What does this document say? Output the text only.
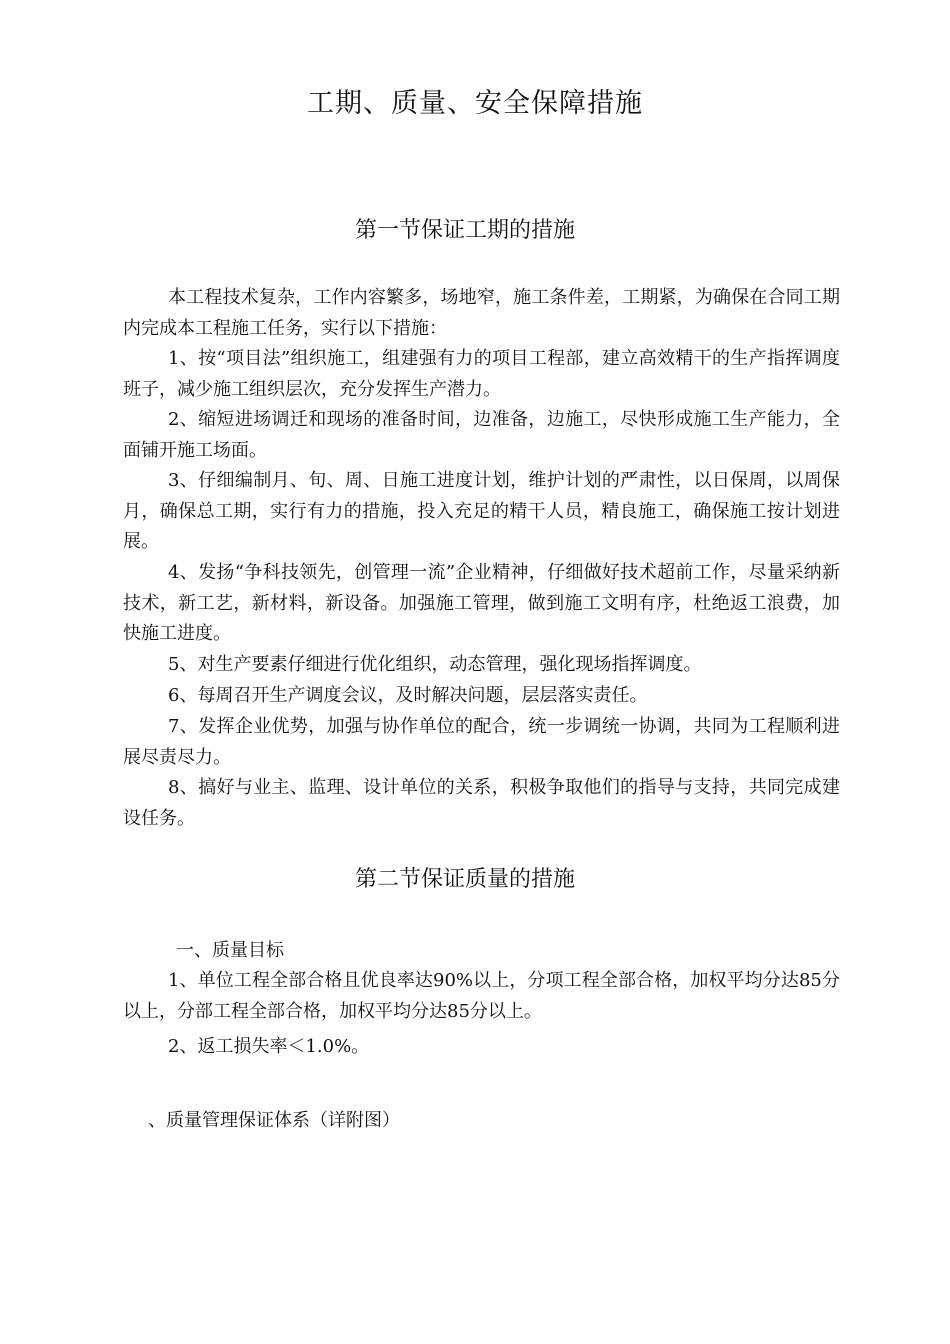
工期、质量、安全保障措施
第一节保证工期的措施

本工程技术复杂，工作内容繁多，场地窄，施工条件差，工期紧，为确保在合同工期内完成本工程施工任务，实行以下措施：

1、按“项目法”组织施工，组建强有力的项目工程部，建立高效精干的生产指挥调度班子，减少施工组织层次，充分发挥生产潜力。

2、缩短进场调迁和现场的准备时间，边准备，边施工，尽快形成施工生产能力，全面铺开施工场面。

3、仔细编制月、旬、周、日施工进度计划，维护计划的严肃性，以日保周，以周保月，确保总工期，实行有力的措施，投入充足的精干人员，精良施工，确保施工按计划进展。

4、发扬“争科技领先，创管理一流”企业精神，仔细做好技术超前工作，尽量采纳新技术，新工艺，新材料，新设备。加强施工管理，做到施工文明有序，杜绝返工浪费，加快施工进度。

5、对生产要素仔细进行优化组织，动态管理，强化现场指挥调度。

6、每周召开生产调度会议，及时解决问题，层层落实责任。

7、发挥企业优势，加强与协作单位的配合，统一步调统一协调，共同为工程顺利进展尽责尽力。

8、搞好与业主、监理、设计单位的关系，积极争取他们的指导与支持，共同完成建设任务。

第二节保证质量的措施
一、质量目标

1、单位工程全部合格且优良率达90%以上，分项工程全部合格，加权平均分达85分以上，分部工程全部合格，加权平均分达85分以上。

2、返工损失率＜1.0%。

、质量管理保证体系（详附图）
